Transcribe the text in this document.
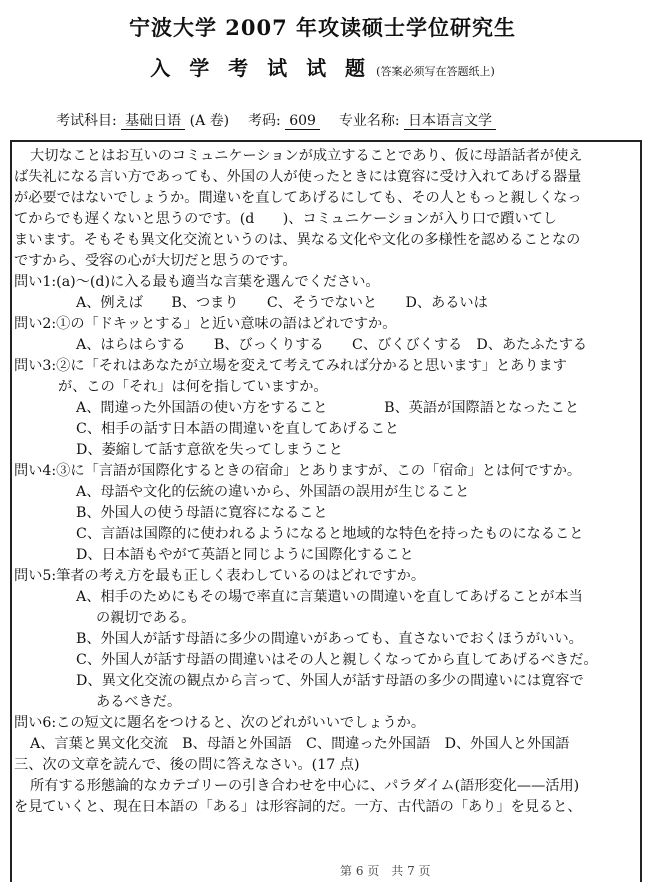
宁波大学 2007 年攻读硕士学位研究生
入 学 考 试 试 题 (答案必须写在答题纸上)
考试科目: 基础日语 (A 卷) 考码: 609 专业名称: 日本语言文学
大切なことはお互いのコミュニケーションが成立することであり、仮に母語話者が使え
ば失礼になる言い方であっても、外国の人が使ったときには寛容に受け入れてあげる器量
が必要ではないでしょうか。間違いを直してあげるにしても、その人ともっと親しくなっ
てからでも遅くないと思うのです。(d　　)、コミュニケーションが入り口で躓いてし
まいます。そもそも異文化交流というのは、異なる文化や文化の多様性を認めることなの
ですから、受容の心が大切だと思うのです。
問い1:(a)〜(d)に入る最も適当な言葉を選んでください。
A、例えば　　B、つまり　　C、そうでないと　　D、あるいは
問い2:①の「ドキッとする」と近い意味の語はどれですか。
A、はらはらする　　B、びっくりする　　C、びくびくする　D、あたふたする
問い3:②に「それはあなたが立場を変えて考えてみれば分かると思います」とあります
が、この「それ」は何を指していますか。
A、間違った外国語の使い方をすること　　　　B、英語が国際語となったこと
C、相手の話す日本語の間違いを直してあげること
D、萎縮して話す意欲を失ってしまうこと
問い4:③に「言語が国際化するときの宿命」とありますが、この「宿命」とは何ですか。
A、母語や文化的伝統の違いから、外国語の誤用が生じること
B、外国人の使う母語に寛容になること
C、言語は国際的に使われるようになると地域的な特色を持ったものになること
D、日本語もやがて英語と同じように国際化すること
問い5:筆者の考え方を最も正しく表わしているのはどれですか。
A、相手のためにもその場で率直に言葉遣いの間違いを直してあげることが本当
の親切である。
B、外国人が話す母語に多少の間違いがあっても、直さないでおくほうがいい。
C、外国人が話す母語の間違いはその人と親しくなってから直してあげるべきだ。
D、異文化交流の観点から言って、外国人が話す母語の多少の間違いには寛容で
あるべきだ。
問い6:この短文に題名をつけると、次のどれがいいでしょうか。
A、言葉と異文化交流　B、母語と外国語　C、間違った外国語　D、外国人と外国語
三、次の文章を読んで、後の問に答えなさい。(17 点)
所有する形態論的なカテゴリーの引き合わせを中心に、パラダイム(語形変化——活用)
を見ていくと、現在日本語の「ある」は形容詞的だ。一方、古代語の「あり」を見ると、
第 6 页　共 7 页
